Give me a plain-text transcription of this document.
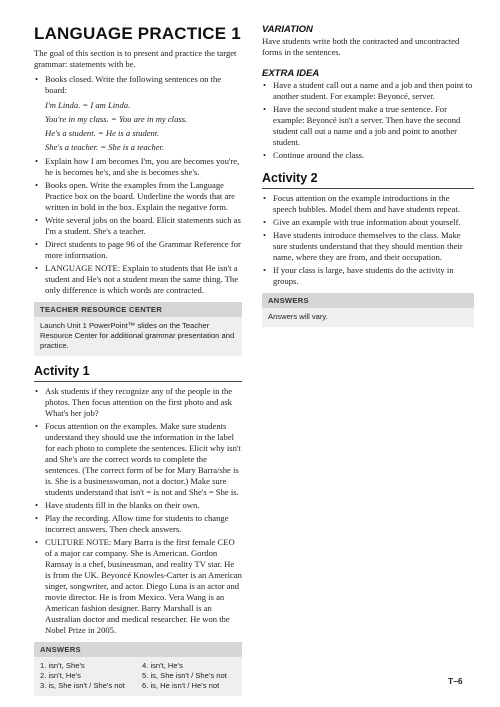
LANGUAGE PRACTICE 1

The goal of this section is to present and practice the target grammar: statements with be.

• Books closed. Write the following sentences on the board:
I'm Linda. = I am Linda.
You're in my class. = You are in my class.
He's a student. = He is a student.
She's a teacher. = She is a teacher.
• Explain how I am becomes I'm, you are becomes you're, he is becomes he's, and she is becomes she's.
• Books open. Write the examples from the Language Practice box on the board. Underline the words that are written in bold in the box. Explain the negative form.
• Write several jobs on the board. Elicit statements such as I'm a student. She's a teacher.
• Direct students to page 96 of the Grammar Reference for more information.
• LANGUAGE NOTE: Explain to students that He isn't a student and He's not a student mean the same thing. The only difference is which words are contracted.
TEACHER RESOURCE CENTER
Launch Unit 1 PowerPoint™ slides on the Teacher Resource Center for additional grammar presentation and practice.
Activity 1
• Ask students if they recognize any of the people in the photos. Then focus attention on the first photo and ask What's her job?
• Focus attention on the examples. Make sure students understand they should use the information in the label for each photo to complete the sentences. Elicit why isn't and She's are the correct words to complete the sentences. (The correct form of be for Mary Barra/she is is. She is a businesswoman, not a doctor.) Make sure students understand that isn't = is not and She's = She is.
• Have students fill in the blanks on their own.
• Play the recording. Allow time for students to change incorrect answers. Then check answers.
• CULTURE NOTE: Mary Barra is the first female CEO of a major car company. She is American. Gordon Ramsay is a chef, businessman, and reality TV star. He is from the UK. Beyoncé Knowles-Carter is an American singer, songwriter, and actor. Diego Luna is an actor and movie director. He is from Mexico. Vera Wang is an American fashion designer. Barry Marshall is an Australian doctor and medical researcher. He won the Nobel Prize in 2005.
ANSWERS
1. isn't, She's	4. isn't, He's
2. isn't, He's	5. is, She isn't / She's not
3. is, She isn't / She's not	6. is, He isn't / He's not
VARIATION

Have students write both the contracted and uncontracted forms in the sentences.

EXTRA IDEA
• Have a student call out a name and a job and then point to another student. For example: Beyoncé, server.
• Have the second student make a true sentence. For example: Beyoncé isn't a server. Then have the second student call out a name and a job and point to another student.
• Continue around the class.
Activity 2
• Focus attention on the example introductions in the speech bubbles. Model them and have students repeat.
• Give an example with true information about yourself.
• Have students introduce themselves to the class. Make sure students understand that they should mention their name, where they are from, and their occupation.
• If your class is large, have students do the activity in groups.
ANSWERS
Answers will vary.
T–6
